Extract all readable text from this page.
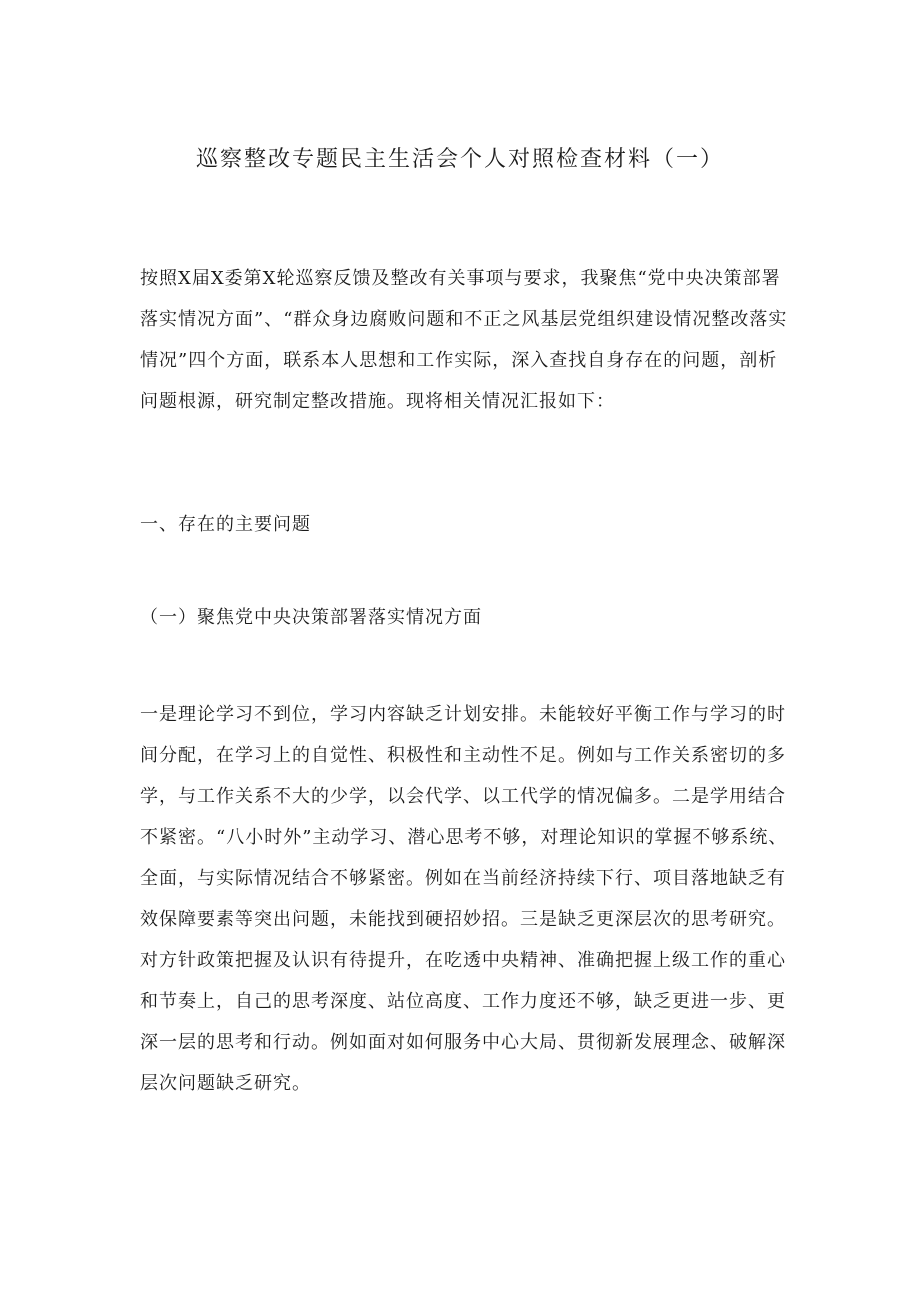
巡察整改专题民主生活会个人对照检查材料（一）

按照X届X委第X轮巡察反馈及整改有关事项与要求，我聚焦“党中央决策部署落实情况方面”、“群众身边腐败问题和不正之风基层党组织建设情况整改落实情况”四个方面，联系本人思想和工作实际，深入查找自身存在的问题，剖析问题根源，研究制定整改措施。现将相关情况汇报如下：

一、存在的主要问题

（一）聚焦党中央决策部署落实情况方面

一是理论学习不到位，学习内容缺乏计划安排。未能较好平衡工作与学习的时间分配，在学习上的自觉性、积极性和主动性不足。例如与工作关系密切的多学，与工作关系不大的少学，以会代学、以工代学的情况偏多。二是学用结合不紧密。“八小时外”主动学习、潜心思考不够，对理论知识的掌握不够系统、全面，与实际情况结合不够紧密。例如在当前经济持续下行、项目落地缺乏有效保障要素等突出问题，未能找到硬招妙招。三是缺乏更深层次的思考研究。对方针政策把握及认识有待提升，在吃透中央精神、准确把握上级工作的重心和节奏上，自己的思考深度、站位高度、工作力度还不够，缺乏更进一步、更深一层的思考和行动。例如面对如何服务中心大局、贯彻新发展理念、破解深层次问题缺乏研究。
